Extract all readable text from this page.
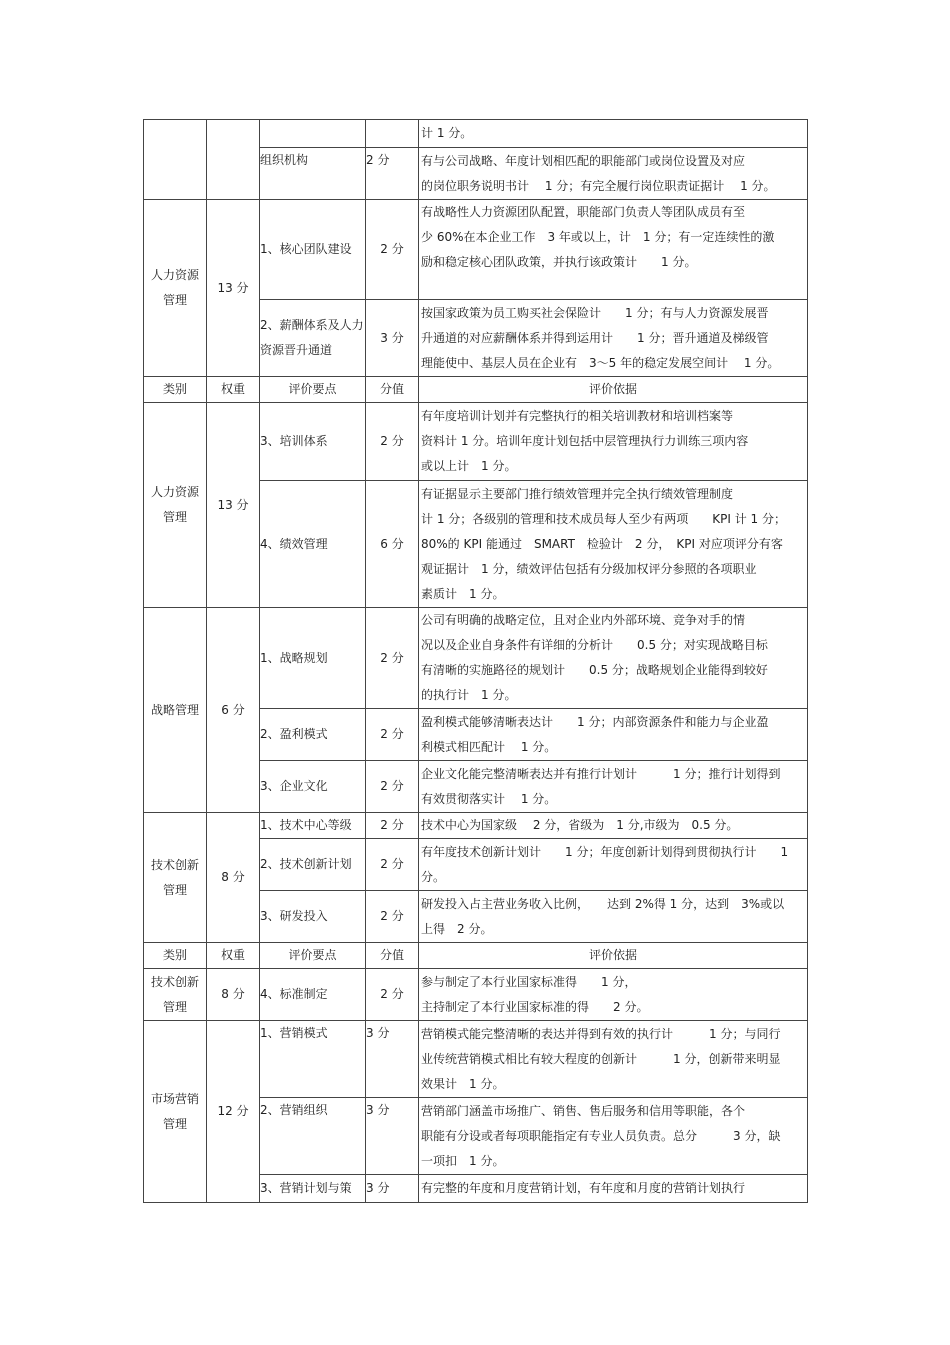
				计 1 分。
		组织机构	2 分	有与公司战略、年度计划相匹配的职能部门或岗位设置及对应
的岗位职务说明书计　 1 分；有完全履行岗位职责证据计　 1 分。
人力资源管理	13 分	1、核心团队建设	2 分	有战略性人力资源团队配置，职能部门负责人等团队成员有至
少 60%在本企业工作　3 年或以上，计　1 分；有一定连续性的激
励和稳定核心团队政策，并执行该政策计　　1 分。
		2、薪酬体系及人力资源晋升通道	3 分	按国家政策为员工购买社会保险计　　1 分；有与人力资源发展晋
升通道的对应薪酬体系并得到运用计　　1 分；晋升通道及梯级管
理能使中、基层人员在企业有　3～5 年的稳定发展空间计　 1 分。
类别	权重	评价要点	分值	评价依据
人力资源管理	13 分	3、培训体系	2 分	有年度培训计划并有完整执行的相关培训教材和培训档案等
资料计 1 分。培训年度计划包括中层管理执行力训练三项内容
或以上计　1 分。
		4、绩效管理	6 分	有证据显示主要部门推行绩效管理并完全执行绩效管理制度
计 1 分；各级别的管理和技术成员每人至少有两项　　KPI 计 1 分；
80%的 KPI 能通过　SMART　检验计　2 分，　KPI 对应项评分有客
观证据计　1 分，绩效评估包括有分级加权评分参照的各项职业
素质计　1 分。
战略管理	6 分	1、战略规划	2 分	公司有明确的战略定位，且对企业内外部环境、竞争对手的情
况以及企业自身条件有详细的分析计　　0.5 分；对实现战略目标
有清晰的实施路径的规划计　　0.5 分；战略规划企业能得到较好
的执行计　1 分。
		2、盈利模式	2 分	盈利模式能够清晰表达计　　1 分；内部资源条件和能力与企业盈
利模式相匹配计　 1 分。
		3、企业文化	2 分	企业文化能完整清晰表达并有推行计划计　　　1 分；推行计划得到
有效贯彻落实计　 1 分。
技术创新管理	8 分	1、技术中心等级	2 分	技术中心为国家级　 2 分，省级为　1 分,市级为　0.5 分。
		2、技术创新计划	2 分	有年度技术创新计划计　　1 分；年度创新计划得到贯彻执行计　　1
分。
		3、研发投入	2 分	研发投入占主营业务收入比例，　　达到 2%得 1 分，达到　3%或以
上得　2 分。
类别	权重	评价要点	分值	评价依据
技术创新管理	8 分	4、标准制定	2 分	参与制定了本行业国家标准得　　1 分，
主持制定了本行业国家标准的得　　2 分。
市场营销管理	12 分	1、营销模式	3 分	营销模式能完整清晰的表达并得到有效的执行计　　　1 分；与同行
业传统营销模式相比有较大程度的创新计　　　1 分，创新带来明显
效果计　1 分。
		2、营销组织	3 分	营销部门涵盖市场推广、销售、售后服务和信用等职能，各个
职能有分设或者每项职能指定有专业人员负责。总分　　　3 分，缺
一项扣　1 分。
		3、营销计划与策	3 分	有完整的年度和月度营销计划，有年度和月度的营销计划执行
